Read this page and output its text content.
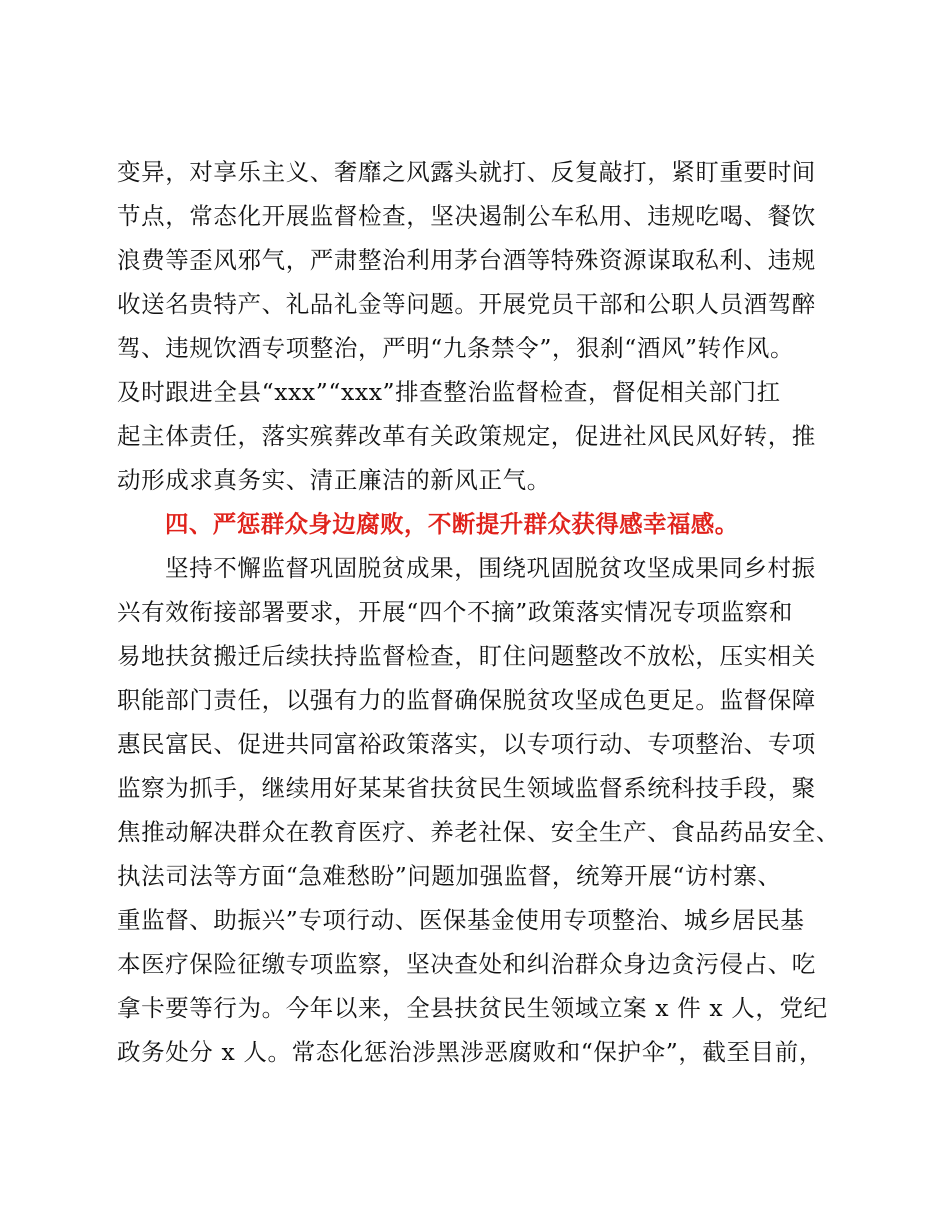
变异，对享乐主义、奢靡之风露头就打、反复敲打，紧盯重要时间
节点，常态化开展监督检查，坚决遏制公车私用、违规吃喝、餐饮
浪费等歪风邪气，严肃整治利用茅台酒等特殊资源谋取私利、违规
收送名贵特产、礼品礼金等问题。开展党员干部和公职人员酒驾醉
驾、违规饮酒专项整治，严明“九条禁令”，狠刹“酒风”转作风。
及时跟进全县“xxx”“xxx”排查整治监督检查，督促相关部门扛
起主体责任，落实殡葬改革有关政策规定，促进社风民风好转，推
动形成求真务实、清正廉洁的新风正气。
四、严惩群众身边腐败，不断提升群众获得感幸福感。
坚持不懈监督巩固脱贫成果，围绕巩固脱贫攻坚成果同乡村振
兴有效衔接部署要求，开展“四个不摘”政策落实情况专项监察和
易地扶贫搬迁后续扶持监督检查，盯住问题整改不放松，压实相关
职能部门责任，以强有力的监督确保脱贫攻坚成色更足。监督保障
惠民富民、促进共同富裕政策落实，以专项行动、专项整治、专项
监察为抓手，继续用好某某省扶贫民生领域监督系统科技手段，聚
焦推动解决群众在教育医疗、养老社保、安全生产、食品药品安全、
执法司法等方面“急难愁盼”问题加强监督，统筹开展“访村寨、
重监督、助振兴”专项行动、医保基金使用专项整治、城乡居民基
本医疗保险征缴专项监察，坚决查处和纠治群众身边贪污侵占、吃
拿卡要等行为。今年以来，全县扶贫民生领域立案 x 件 x 人，党纪
政务处分 x 人。常态化惩治涉黑涉恶腐败和“保护伞”，截至目前，
